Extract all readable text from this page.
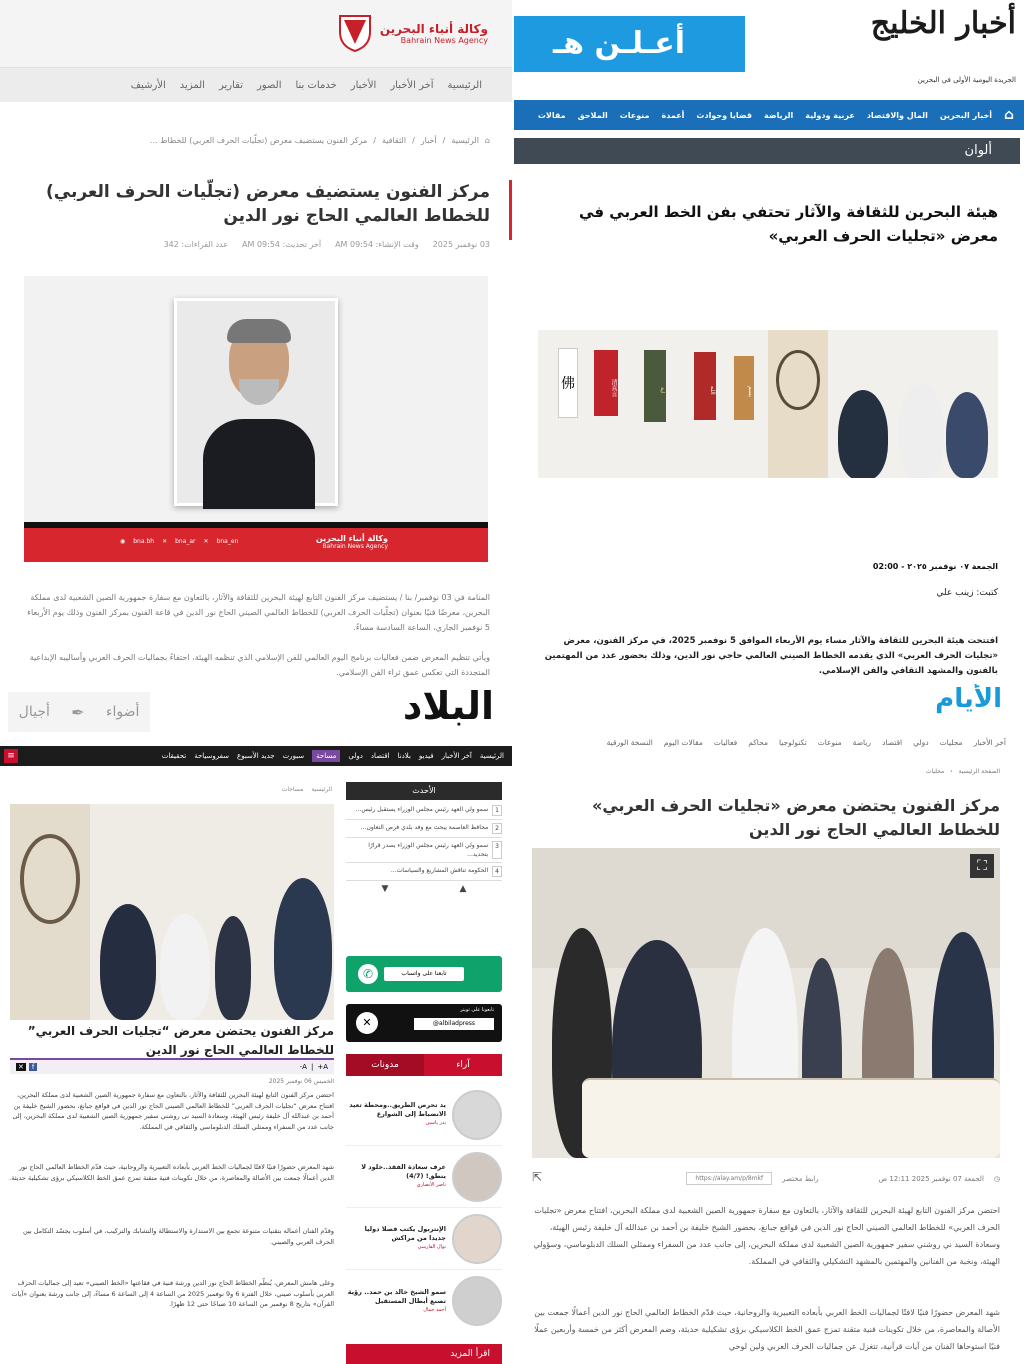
وكالة أنباء البحرين
Bahrain News Agency
الرئيسية
آخر الأخبار
الأخبار
خدمات بنا
الصور
تقارير
المزيد
الأرشيف
⌂
الرئيسية
/
أخبار
/
الثقافية
/
مركز الفنون يستضيف معرض (تجلّيات الحرف العربي) للخطاط ...
مركز الفنون يستضيف معرض (تجلّيات الحرف العربي) للخطاط العالمي الحاج نور الدين
03 نوفمبر 2025
وقت الإنشاء: 09:54 AM
آخر تحديث: 09:54 AM
عدد القراءات: 342
وكالة أنباء البحرين
Bahrain News Agency
◉ bna.bh ✕ bna_ar ✕ bna_en

المنامة في 03 نوفمبر/ بنا / يستضيف مركز الفنون التابع لهيئة البحرين للثقافة والآثار، بالتعاون مع سفارة جمهورية الصين الشعبية لدى مملكة البحرين، معرضًا فنيًا بعنوان (تجلّيات الحرف العربي) للخطاط العالمي الصيني الحاج نور الدين في قاعة الفنون بمركز الفنون وذلك يوم الأربعاء 5 نوفمبر الجاري، الساعة السادسة مساءً.

ويأتي تنظيم المعرض ضمن فعاليات برنامج اليوم العالمي للفن الإسلامي الذي تنظمه الهيئة، احتفاءً بجماليات الحرف العربي وأساليبه الإبداعية المتجددة التي تعكس عمق ثراء الفن الإسلامي.

أعـلـن هـ
أخبار الخليج
الجريدة اليومية الأولى في البحرين
⌂
أخبار البحرين
المال والاقتصاد
عربية ودولية
الرياضة
قضايا وحوادث
أعمدة
منوعات
الملاحق
مقالات
ألوان
هيئة البحرين للثقافة والآثار تحتفي بفن الخط العربي في معرض «تجليات الحرف العربي»
佛	清真言	آية	الله	بسم
الجمعة ٠٧ نوفمبر ٢٠٢٥ - 02:00
كتبت: زينب علي

افتتحت هيئة البحرين للثقافة والآثار مساء يوم الأربعاء الموافق 5 نوفمبر 2025، في مركز الفنون، معرض «تجليات الحرف العربي» الذي يقدمه الخطاط الصيني العالمي حاجي نور الدين، وذلك بحضور عدد من المهتمين بالفنون والمشهد الثقافي والفن الإسلامي.

البلاد
أضواء
✒
أجيال
الرئيسية
آخر الأخبار
فيديو
بلادنا
اقتصاد
دولي
مساحة
سبورت
جديد الأسبوع
سفروسياحة
تحقيقات
≡
الرئيسية
مساحات
مركز الفنون يحتضن معرض “تجليات الحرف العربي” للخطاط العالمي الحاج نور الدين
A+
|
A-
✕	f
الخميس 06 نوفمبر 2025

احتضن مركز الفنون التابع لهيئة البحرين للثقافة والآثار، بالتعاون مع سفارة جمهورية الصين الشعبية لدى مملكة البحرين، افتتاح معرض “تجليات الحرف العربي” للخطاط العالمي الصيني الحاج نور الدين في قوافع جبانغ، بحضور الشيخ خليفة بن أحمد بن عبدالله آل خليفة رئيس الهيئة، وسعادة السيد نى روشني سفير جمهورية الصين الشعبية لدى مملكة البحرين، إلى جانب عدد من السفراء وممثلي السلك الدبلوماسي والثقافي في المملكة.

شهد المعرض حضورًا فنيًا لافتًا لجماليات الخط العربي بأبعاده التعبيرية والروحانية، حيث قدّم الخطاط العالمي الحاج نور الدين أعمالًا جمعت بين الأصالة والمعاصرة، من خلال تكوينات فنية متقنة تمزج عمق الخط الكلاسيكي برؤى تشكيلية حديثة.

وقدّم الفنان أعماله بتقنيات متنوعة تجمع بين الاستدارة والاستطالة والتشابك والتركيب، في أسلوب يجسّد التكامل بين الحرف العربي والصيني.

وعلى هامش المعرض، يُنظّم الخطاط الحاج نور الدين ورشة فنية في فقاعتها «الخط الصيني» تعيد إلى جماليات الحرف العربي بأسلوب صيني، خلال الفترة 6 و9 نوفمبر 2025 من الساعة 4 إلى الساعة 6 مساءً، إلى جانب ورشة بعنوان «آيات القرآن» بتاريخ 8 نوفمبر من الساعة 10 صباحًا حتى 12 ظهرًا.

الأحدث
1
سمو ولي العهد رئيس مجلس الوزراء يستقبل رئيس...
2
محافظ العاصمة يبحث مع وفد بلدي فرص التعاون...
3
سمو ولي العهد رئيس مجلس الوزراء يصدر قرارًا بتحديد...
4
الحكومة تناقش المشاريع والسياسات...
▲
▼
تابعنا على واتساب
✆
✕
تابعونا على تويتر
@albiladpress
آراء
مدونات
يد تحرص الطريق..ومحطة تعيد الانضباط إلى الشوارع
بدر ياسين
عرف سعادة الفقد..خلود لا ينطق! (4/7)
ناصر الأنصاري
الإنتربول يكتب فصلا دوليا جديدا من مراكش
نوال الفارسي
سمو الشيخ خالد بن حمد.. رؤية تصنع أبطال المستقبل
أحمد جمال
اقرأ المزيد
الأيام
آخر الأخبار
محليات
دولي
اقتصاد
رياضة
منوعات
تكنولوجيا
محاكم
فعاليات
مقالات اليوم
النسخة الورقية
الصفحة الرئيسية
‹
محليات
مركز الفنون يحتضن معرض «تجليات الحرف العربي» للخطاط العالمي الحاج نور الدين
⛶
◷
الجمعة 07 نوفمبر 2025 12:11 ص
رابط مختصر
https://alay.am/p/8mkf
⇱

احتضن مركز الفنون التابع لهيئة البحرين للثقافة والآثار، بالتعاون مع سفارة جمهورية الصين الشعبية لدى مملكة البحرين، افتتاح معرض «تجليات الحرف العربي» للخطاط العالمي الصيني الحاج نور الدين في قوافع جبانغ، بحضور الشيخ خليفة بن أحمد بن عبدالله آل خليفة رئيس الهيئة، وسعادة السيد ني روشني سفير جمهورية الصين الشعبية لدى مملكة البحرين، إلى جانب عدد من السفراء وممثلي السلك الدبلوماسي، وسؤولي الهيئة، ونخبة من الفنانين والمهتمين بالمشهد التشكيلي والثقافي في المملكة.

شهد المعرض حضورًا فنيًا لافتًا لجماليات الخط العربي بأبعاده التعبيرية والروحانية، حيث قدّم الخطاط العالمي الحاج نور الدين أعمالًا جمعت بين الأصالة والمعاصرة، من خلال تكوينات فنية متقنة تمزج عمق الخط الكلاسيكي برؤى تشكيلية حديثة، وضم المعرض أكثر من خمسة وأربعين عملًا فنيًا استوحاها الفنان من آيات قرآنية، تتغزل عن جماليات الحرف العربي ولين لوحي
